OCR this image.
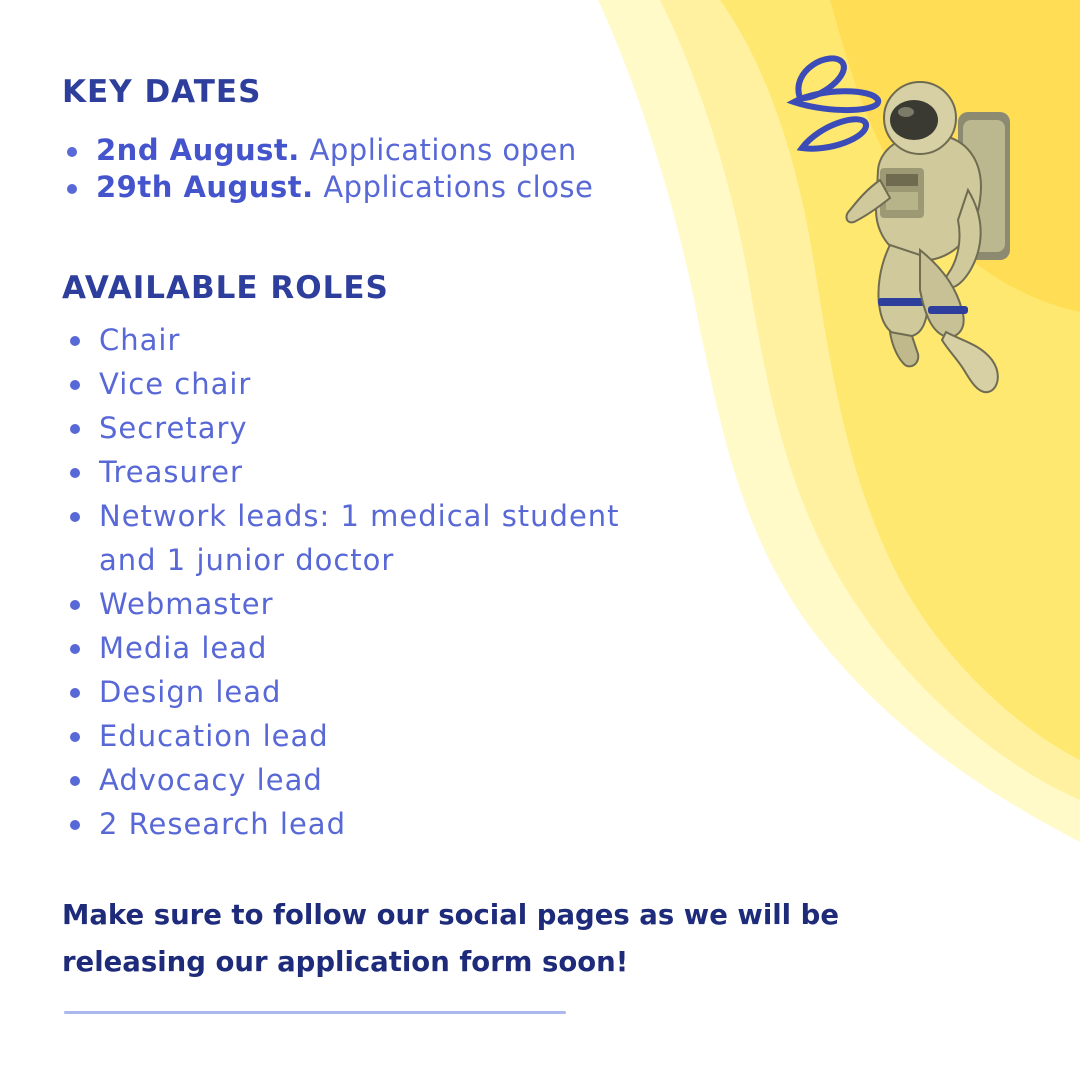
KEY DATES
2nd August. Applications open
29th August. Applications close
AVAILABLE ROLES
Chair
Vice chair
Secretary
Treasurer
Network leads: 1 medical student
and 1 junior doctor
Webmaster
Media lead
Design lead
Education lead
Advocacy lead
2 Research lead

Make sure to follow our social pages as we will be
releasing our application form soon!
